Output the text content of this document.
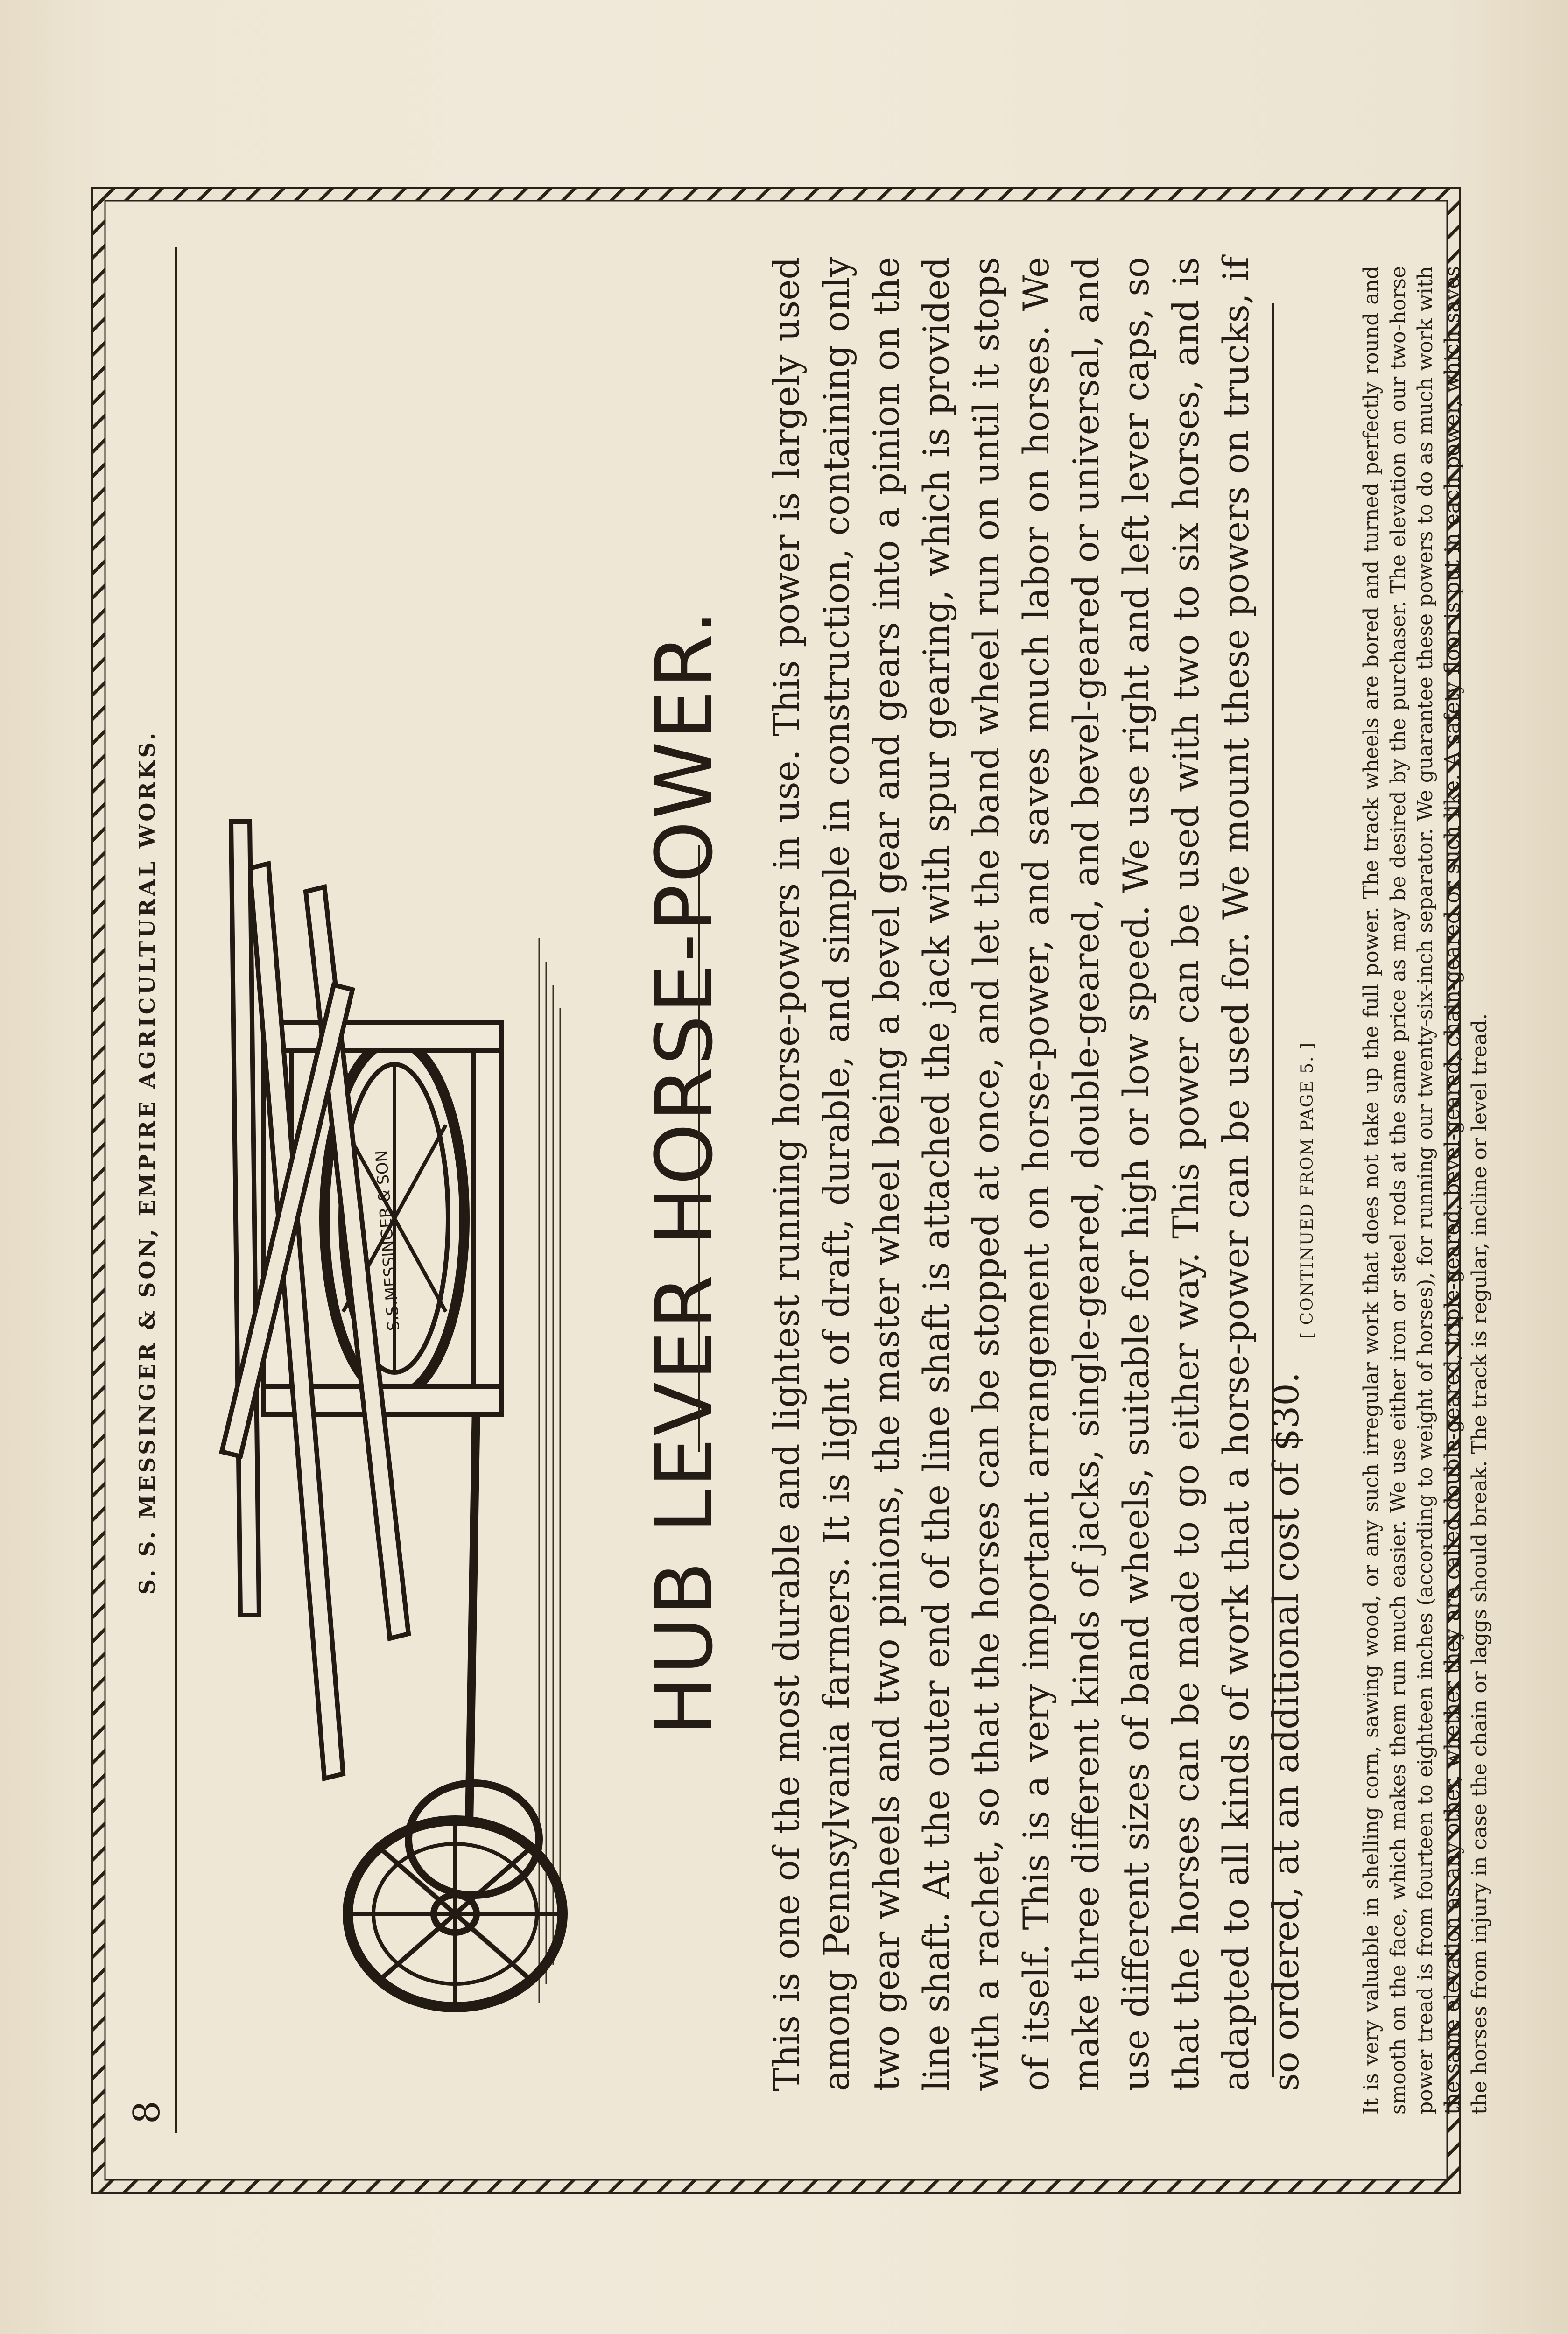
8
S. S. MESSINGER & SON, EMPIRE AGRICULTURAL WORKS.	S.S.MESSINGER & SON	HUB LEVER HORSE-POWER. This is one of the most durable and lightest running horse-powers in use. This power is largely used among Pennsylvania farmers. It is light of draft, durable, and simple in construction, containing only two gear wheels and two pinions, the master wheel being a bevel gear and gears into a pinion on the line shaft. At the outer end of the line shaft is attached the jack with spur gearing, which is provided with a rachet, so that the horses can be stopped at once, and let the band wheel run on until it stops of itself. This is a very important arrangement on horse-power, and saves much labor on horses. We make three different kinds of jacks, single-geared, double-geared, and bevel-geared or universal, and use different sizes of band wheels, suitable for high or low speed. We use right and left lever caps, so that the horses can be made to go either way. This power can be used with two to six horses, and is adapted to all kinds of work that a horse-power can be used for. We mount these powers on trucks, if so ordered, at an additional cost of $30.

[ CONTINUED FROM PAGE 5. ] It is very valuable in shelling corn, sawing wood, or any such irregular work that does not take up the full power. The track wheels are bored and turned perfectly round and smooth on the face, which makes them run much easier. We use either iron or steel rods at the same price as may be desired by the purchaser. The elevation on our two-horse power tread is from fourteen to eighteen inches (according to weight of horses), for running our twenty-six-inch separator. We guarantee these powers to do as much work with the same elevation as any other, whether they are called double-geared, triple-geared, bevel-geared, chain-geared or such like. A safety floor is put in each power, which saves the horses from injury in case the chain or laggs should break. The track is regular, incline or level tread.
